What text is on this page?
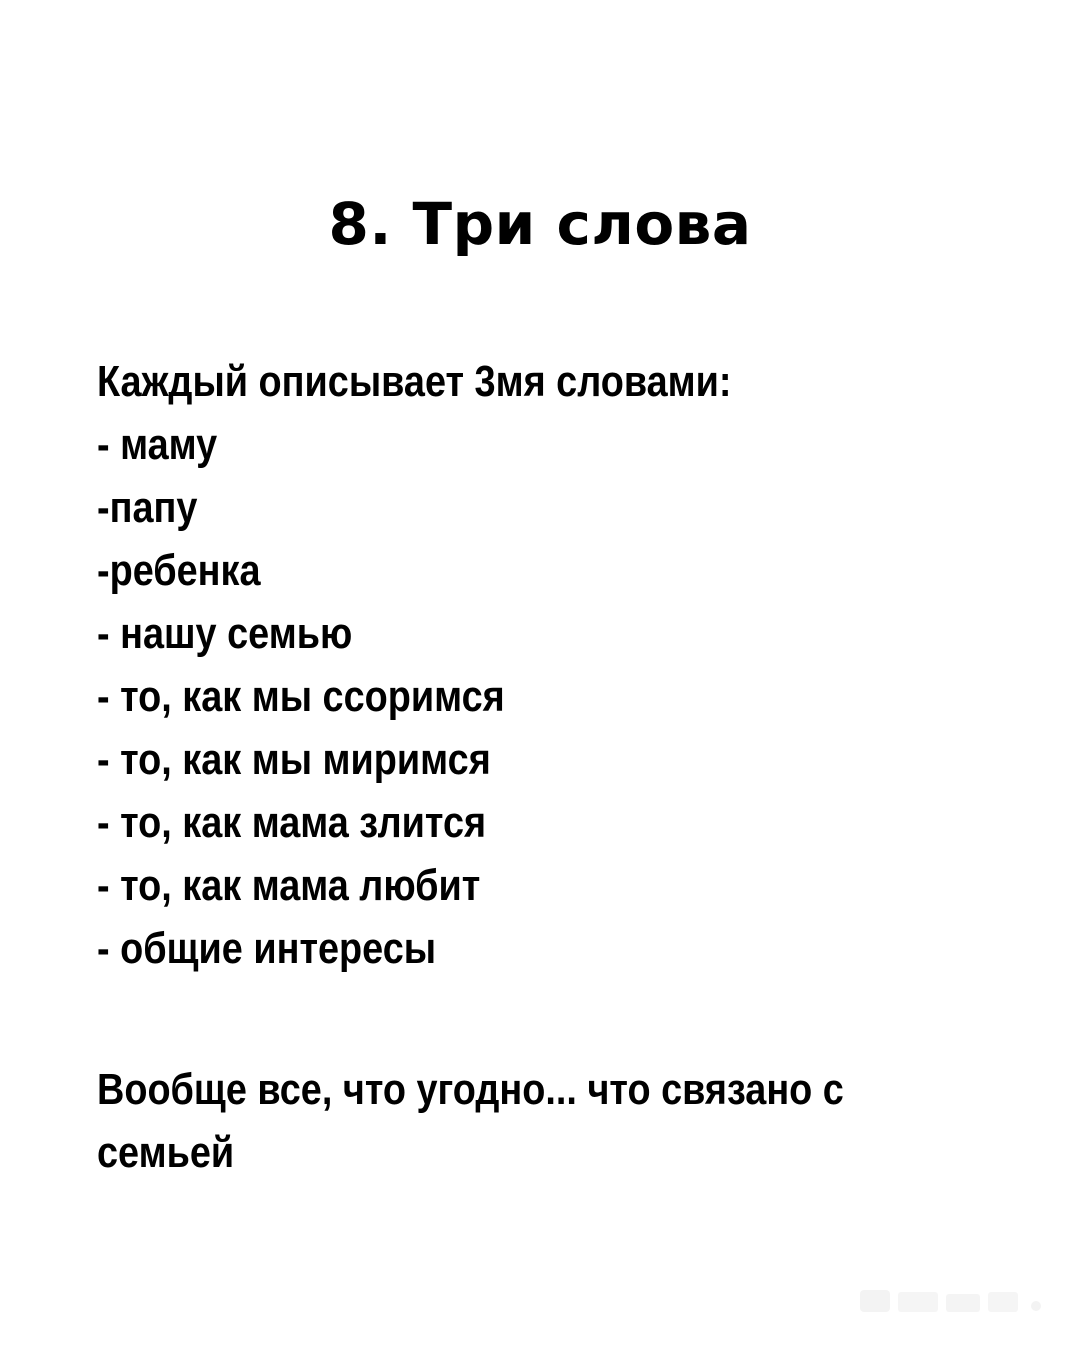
8. Три слова
Каждый описывает 3мя словами:
- маму
-папу
-ребенка
- нашу семью
- то, как мы ссоримся
- то, как мы миримся
- то, как мама злится
- то, как мама любит
- общие интересы
Вообще все, что угодно... что связано с
семьей
